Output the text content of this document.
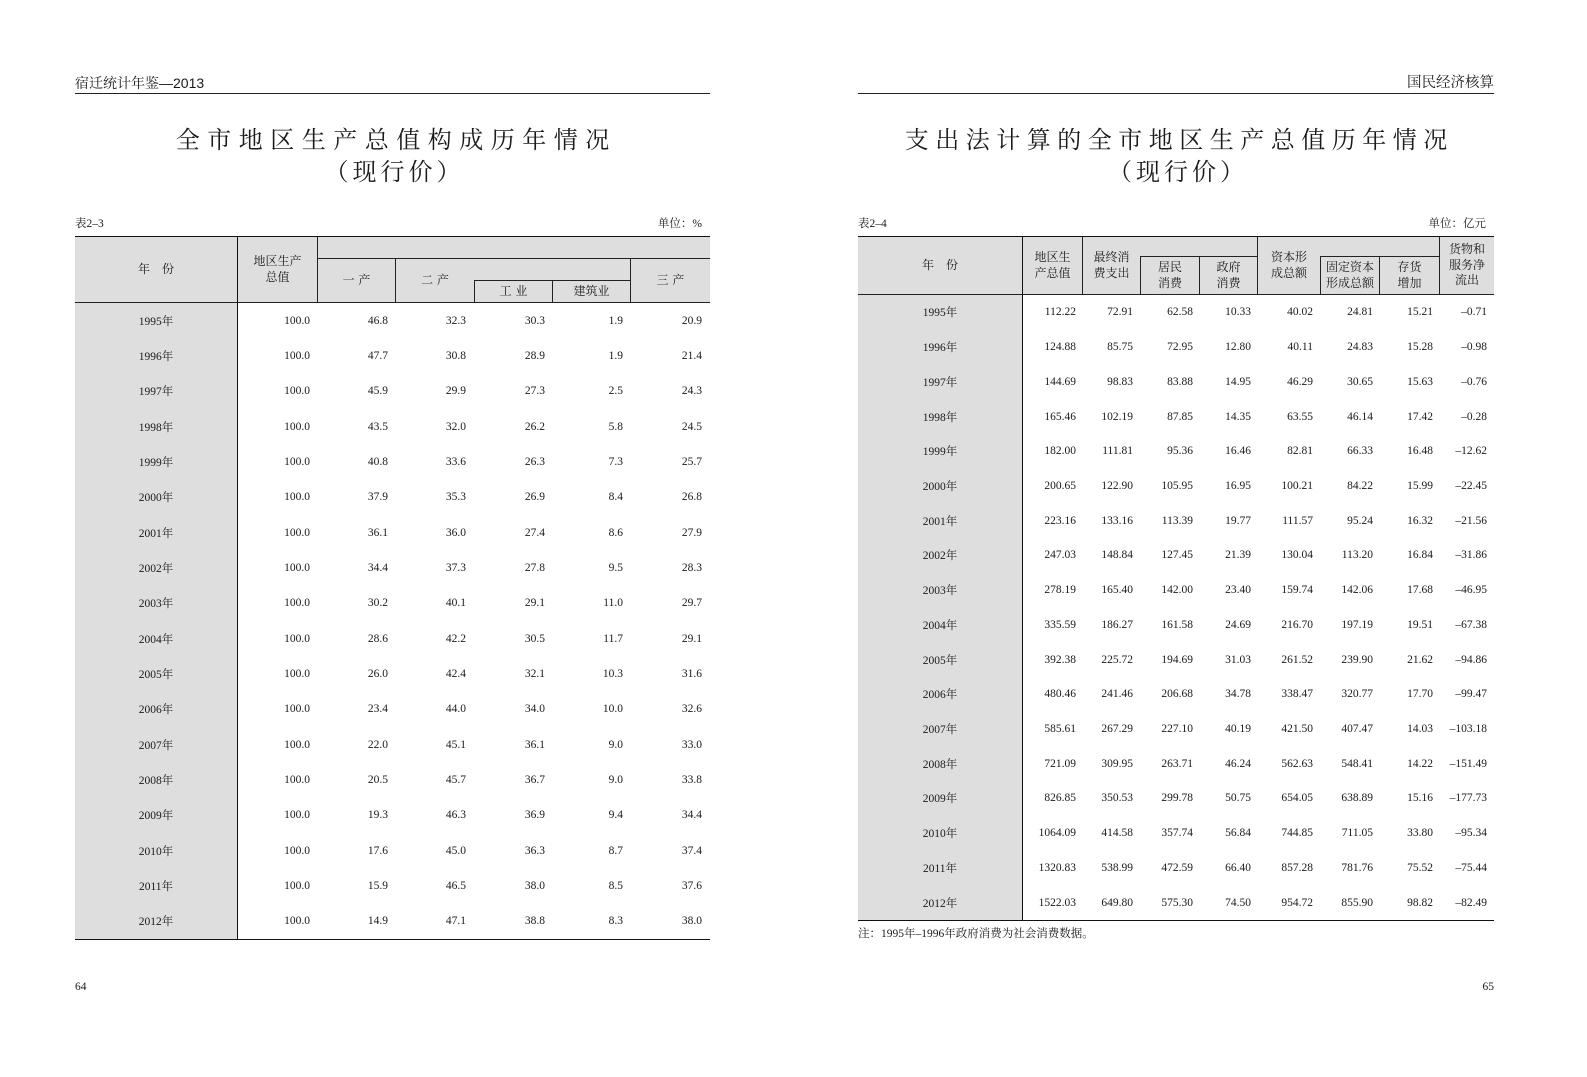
宿迁统计年鉴—2013
全市地区生产总值构成历年情况
（现行价）
表2–3	单位：%
年　份	地区生产总值					
		一 产	二 产			三 产
				工 业	建筑业	
1995年	100.0	46.8	32.3	30.3	1.9	20.9
1996年	100.0	47.7	30.8	28.9	1.9	21.4
1997年	100.0	45.9	29.9	27.3	2.5	24.3
1998年	100.0	43.5	32.0	26.2	5.8	24.5
1999年	100.0	40.8	33.6	26.3	7.3	25.7
2000年	100.0	37.9	35.3	26.9	8.4	26.8
2001年	100.0	36.1	36.0	27.4	8.6	27.9
2002年	100.0	34.4	37.3	27.8	9.5	28.3
2003年	100.0	30.2	40.1	29.1	11.0	29.7
2004年	100.0	28.6	42.2	30.5	11.7	29.1
2005年	100.0	26.0	42.4	32.1	10.3	31.6
2006年	100.0	23.4	44.0	34.0	10.0	32.6
2007年	100.0	22.0	45.1	36.1	9.0	33.0
2008年	100.0	20.5	45.7	36.7	9.0	33.8
2009年	100.0	19.3	46.3	36.9	9.4	34.4
2010年	100.0	17.6	45.0	36.3	8.7	37.4
2011年	100.0	15.9	46.5	38.0	8.5	37.6
2012年	100.0	14.9	47.1	38.8	8.3	38.0
64
国民经济核算
支出法计算的全市地区生产总值历年情况
（现行价）
表2–4	单位：亿元
年　份	地区生产总值	最终消费支出			资本形成总额			货物和服务净流出
			居民消费	政府消费		固定资本形成总额	存货增加	
1995年	112.22	72.91	62.58	10.33	40.02	24.81	15.21	–0.71
1996年	124.88	85.75	72.95	12.80	40.11	24.83	15.28	–0.98
1997年	144.69	98.83	83.88	14.95	46.29	30.65	15.63	–0.76
1998年	165.46	102.19	87.85	14.35	63.55	46.14	17.42	–0.28
1999年	182.00	111.81	95.36	16.46	82.81	66.33	16.48	–12.62
2000年	200.65	122.90	105.95	16.95	100.21	84.22	15.99	–22.45
2001年	223.16	133.16	113.39	19.77	111.57	95.24	16.32	–21.56
2002年	247.03	148.84	127.45	21.39	130.04	113.20	16.84	–31.86
2003年	278.19	165.40	142.00	23.40	159.74	142.06	17.68	–46.95
2004年	335.59	186.27	161.58	24.69	216.70	197.19	19.51	–67.38
2005年	392.38	225.72	194.69	31.03	261.52	239.90	21.62	–94.86
2006年	480.46	241.46	206.68	34.78	338.47	320.77	17.70	–99.47
2007年	585.61	267.29	227.10	40.19	421.50	407.47	14.03	–103.18
2008年	721.09	309.95	263.71	46.24	562.63	548.41	14.22	–151.49
2009年	826.85	350.53	299.78	50.75	654.05	638.89	15.16	–177.73
2010年	1064.09	414.58	357.74	56.84	744.85	711.05	33.80	–95.34
2011年	1320.83	538.99	472.59	66.40	857.28	781.76	75.52	–75.44
2012年	1522.03	649.80	575.30	74.50	954.72	855.90	98.82	–82.49
注：1995年–1996年政府消费为社会消费数据。
65
